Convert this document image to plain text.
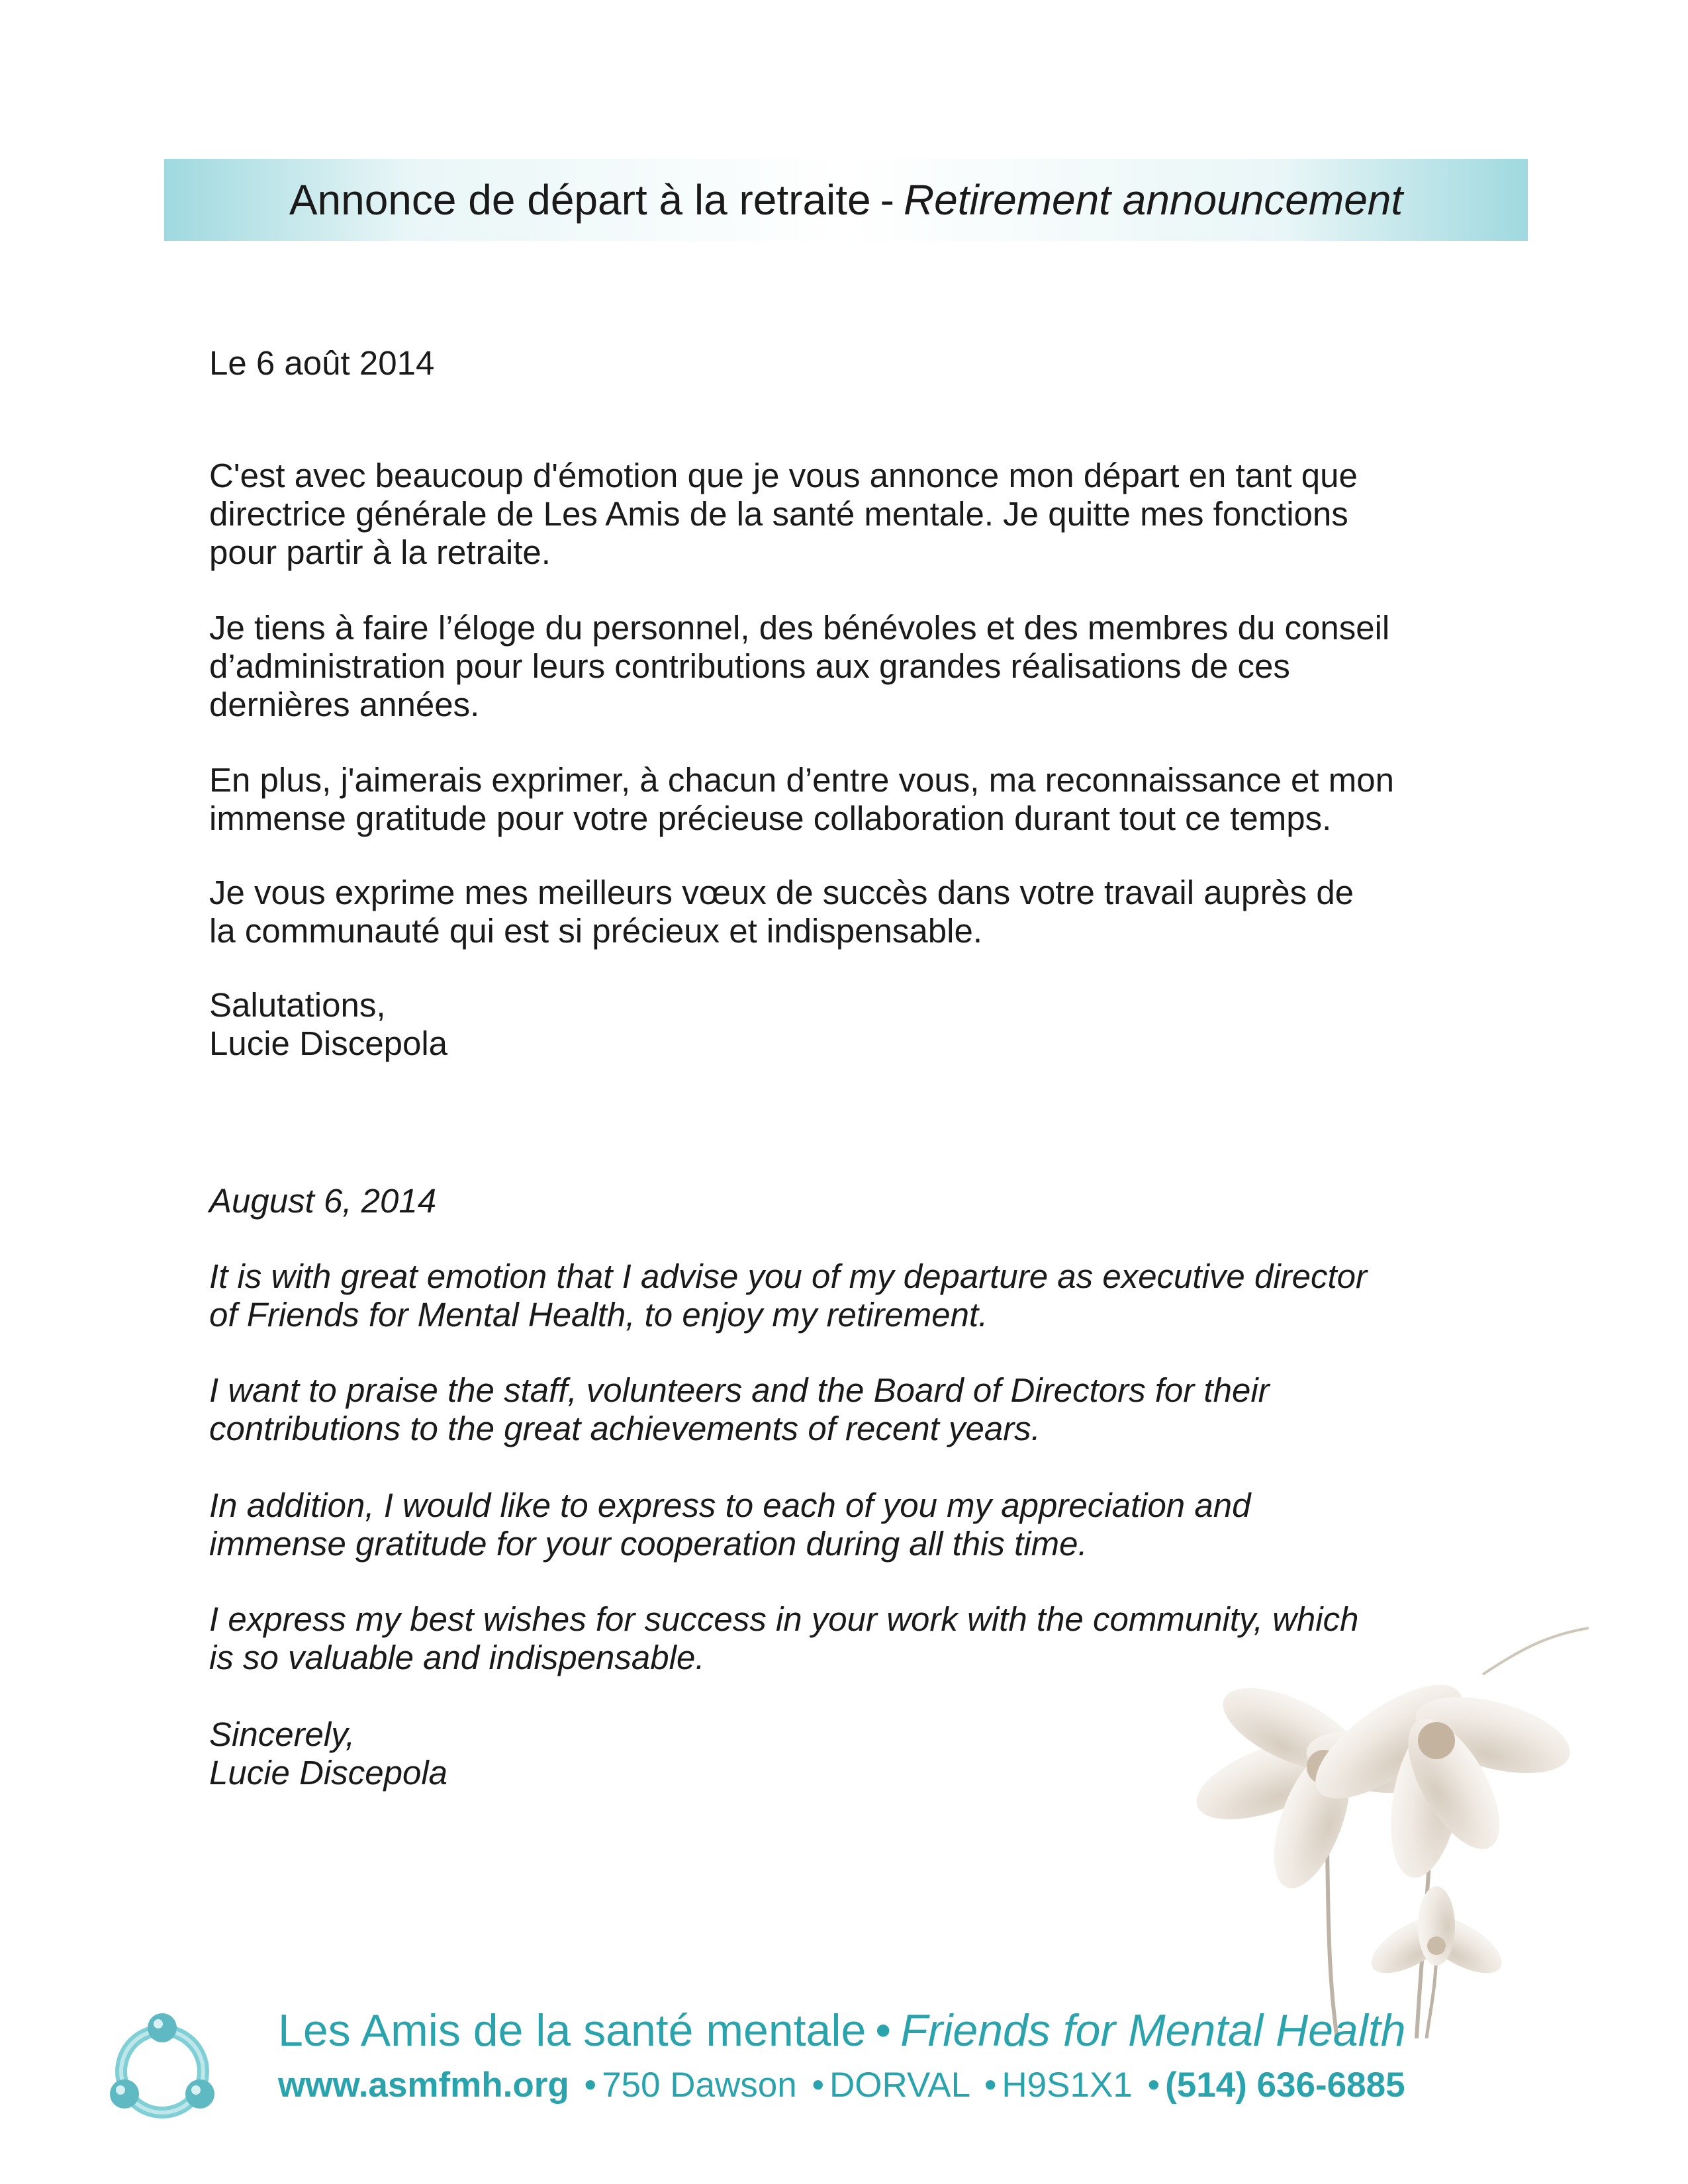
Annonce de départ à la retraite - Retirement announcement

Le 6 août 2014

C'est avec beaucoup d'émotion que je vous annonce mon départ en tant que
directrice générale de Les Amis de la santé mentale. Je quitte mes fonctions
pour partir à la retraite.

Je tiens à faire l’éloge du personnel, des bénévoles et des membres du conseil
d’administration pour leurs contributions aux grandes réalisations de ces
dernières années.

En plus, j'aimerais exprimer, à chacun d’entre vous, ma reconnaissance et mon
immense gratitude pour votre précieuse collaboration durant tout ce temps.

Je vous exprime mes meilleurs vœux de succès dans votre travail auprès de
la communauté qui est si précieux et indispensable.

Salutations,

Lucie Discepola

August 6, 2014

It is with great emotion that I advise you of my departure as executive director
of Friends for Mental Health, to enjoy my retirement.

I want to praise the staff, volunteers and the Board of Directors for their
contributions to the great achievements of recent years.

In addition, I would like to express to each of you my appreciation and
immense gratitude for your cooperation during all this time.

I express my best wishes for success in your work with the community, which
is so valuable and indispensable.

Sincerely,

Lucie Discepola

Les Amis de la santé mentale • Friends for Mental Health
www.asmfmh.org • 750 Dawson • DORVAL • H9S1X1 • (514) 636-6885
